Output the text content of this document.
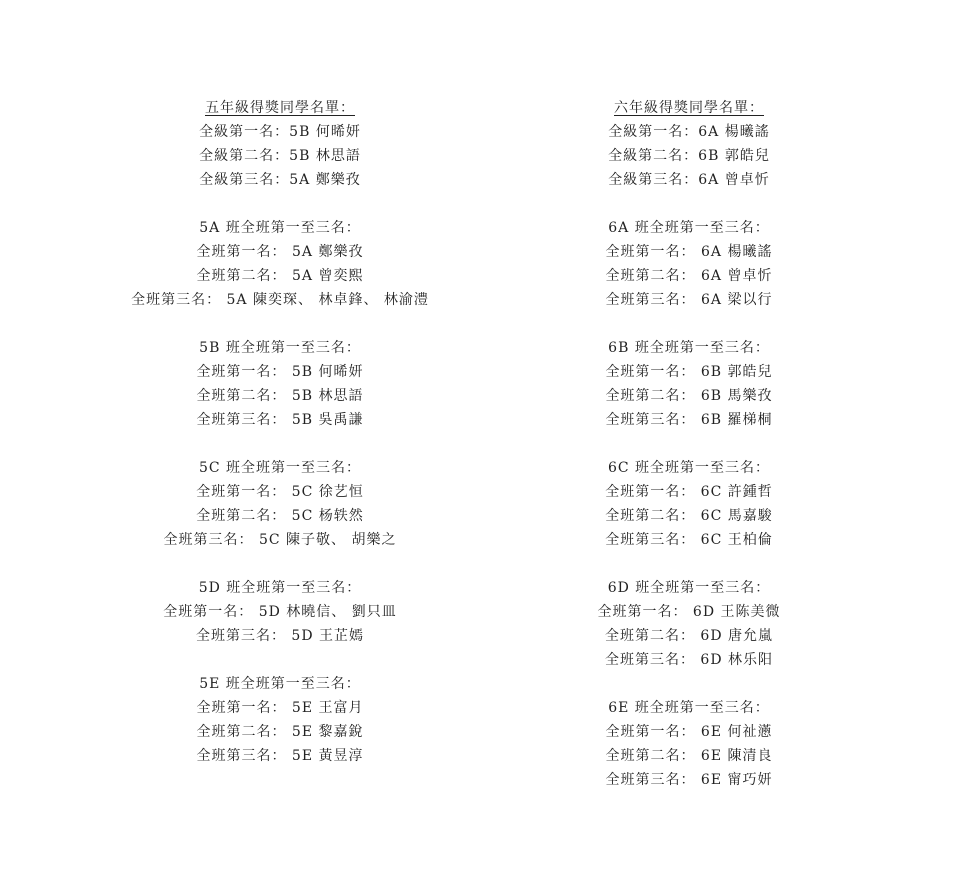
五年級得獎同學名單：
全級第一名：5B 何晞妍
全級第二名：5B 林思語
全級第三名：5A 鄭樂孜
5A 班全班第一至三名：
全班第一名： 5A 鄭樂孜
全班第二名： 5A 曾奕熙
全班第三名： 5A 陳奕琛、 林卓鋒、 林渝澧
5B 班全班第一至三名：
全班第一名： 5B 何晞妍
全班第二名： 5B 林思語
全班第三名： 5B 吳禹謙
5C 班全班第一至三名：
全班第一名： 5C 徐艺恒
全班第二名： 5C 杨轶然
全班第三名： 5C 陳子敬、 胡樂之
5D 班全班第一至三名：
全班第一名： 5D 林曉信、 劉只皿
全班第三名： 5D 王芷嫣
5E 班全班第一至三名：
全班第一名： 5E 王富月
全班第二名： 5E 黎嘉銳
全班第三名： 5E 黃昱淳
六年級得獎同學名單：
全級第一名：6A 楊曦謠
全級第二名：6B 郭皓兒
全級第三名：6A 曾卓忻
6A 班全班第一至三名：
全班第一名： 6A 楊曦謠
全班第二名： 6A 曾卓忻
全班第三名： 6A 梁以行
6B 班全班第一至三名：
全班第一名： 6B 郭皓兒
全班第二名： 6B 馬樂孜
全班第三名： 6B 羅梯桐
6C 班全班第一至三名：
全班第一名： 6C 許鍾哲
全班第二名： 6C 馬嘉駿
全班第三名： 6C 王柏倫
6D 班全班第一至三名：
全班第一名： 6D 王陈美微
全班第二名： 6D 唐允嵐
全班第三名： 6D 林乐阳
6E 班全班第一至三名：
全班第一名： 6E 何祉懣
全班第二名： 6E 陳清良
全班第三名： 6E 甯巧妍
